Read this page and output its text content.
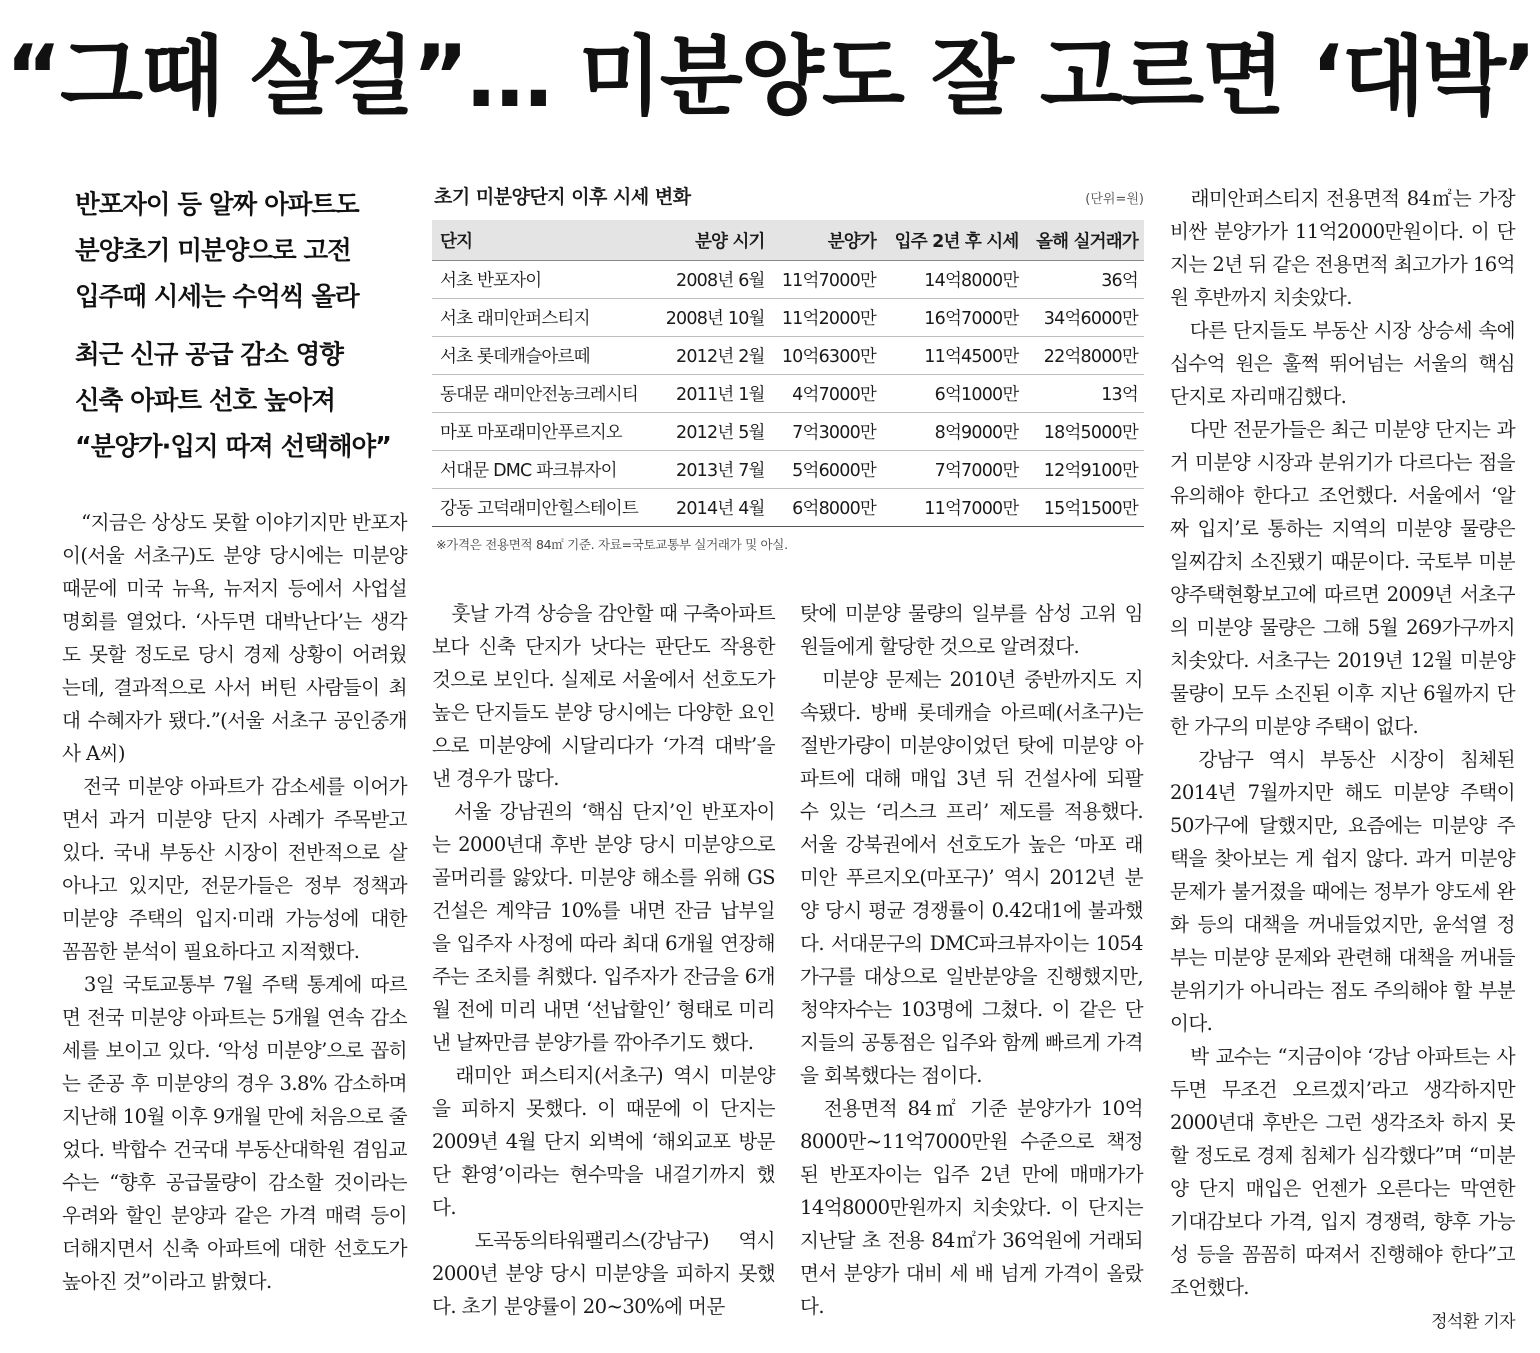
“그때 살걸”… 미분양도 잘 고르면 ‘대박’
반포자이 등 알짜 아파트도
분양초기 미분양으로 고전
입주때 시세는 수억씩 올라
최근 신규 공급 감소 영향
신축 아파트 선호 높아져
“분양가·입지 따져 선택해야”
초기 미분양단지 이후 시세 변화	(단위=원)
단지	분양 시기	분양가	입주 2년 후 시세	올해 실거래가
서초 반포자이	2008년 6월	11억7000만	14억8000만	36억
서초 래미안퍼스티지	2008년 10월	11억2000만	16억7000만	34억6000만
서초 롯데캐슬아르떼	2012년 2월	10억6300만	11억4500만	22억8000만
동대문 래미안전농크레시티	2011년 1월	4억7000만	6억1000만	13억
마포 마포래미안푸르지오	2012년 5월	7억3000만	8억9000만	18억5000만
서대문 DMC 파크뷰자이	2013년 7월	5억6000만	7억7000만	12억9100만
강동 고덕래미안힐스테이트	2014년 4월	6억8000만	11억7000만	15억1500만
※가격은 전용면적 84㎡ 기준. 자료=국토교통부 실거래가 및 아실.

　“지금은 상상도 못할 이야기지만 반포자이(서울 서초구)도 분양 당시에는 미분양 때문에 미국 뉴욕, 뉴저지 등에서 사업설명회를 열었다. ‘사두면 대박난다’는 생각도 못할 정도로 당시 경제 상황이 어려웠는데, 결과적으로 사서 버틴 사람들이 최대 수혜자가 됐다.”(서울 서초구 공인중개사 A씨)

　전국 미분양 아파트가 감소세를 이어가면서 과거 미분양 단지 사례가 주목받고 있다. 국내 부동산 시장이 전반적으로 살아나고 있지만, 전문가들은 정부 정책과 미분양 주택의 입지·미래 가능성에 대한 꼼꼼한 분석이 필요하다고 지적했다.

　3일 국토교통부 7월 주택 통계에 따르면 전국 미분양 아파트는 5개월 연속 감소세를 보이고 있다. ‘악성 미분양’으로 꼽히는 준공 후 미분양의 경우 3.8% 감소하며 지난해 10월 이후 9개월 만에 처음으로 줄었다. 박합수 건국대 부동산대학원 겸임교수는 “향후 공급물량이 감소할 것이라는 우려와 할인 분양과 같은 가격 매력 등이 더해지면서 신축 아파트에 대한 선호도가 높아진 것”이라고 밝혔다.

　훗날 가격 상승을 감안할 때 구축아파트보다 신축 단지가 낫다는 판단도 작용한 것으로 보인다. 실제로 서울에서 선호도가 높은 단지들도 분양 당시에는 다양한 요인으로 미분양에 시달리다가 ‘가격 대박’을 낸 경우가 많다.

　서울 강남권의 ‘핵심 단지’인 반포자이는 2000년대 후반 분양 당시 미분양으로 골머리를 앓았다. 미분양 해소를 위해 GS건설은 계약금 10%를 내면 잔금 납부일을 입주자 사정에 따라 최대 6개월 연장해주는 조치를 취했다. 입주자가 잔금을 6개월 전에 미리 내면 ‘선납할인’ 형태로 미리 낸 날짜만큼 분양가를 깎아주기도 했다.

　래미안 퍼스티지(서초구) 역시 미분양을 피하지 못했다. 이 때문에 이 단지는 2009년 4월 단지 외벽에 ‘해외교포 방문단 환영’이라는 현수막을 내걸기까지 했다.

　도곡동의타워팰리스(강남구) 역시 2000년 분양 당시 미분양을 피하지 못했다. 초기 분양률이 20~30%에 머문

탓에 미분양 물량의 일부를 삼성 고위 임원들에게 할당한 것으로 알려졌다.

　미분양 문제는 2010년 중반까지도 지속됐다. 방배 롯데캐슬 아르떼(서초구)는 절반가량이 미분양이었던 탓에 미분양 아파트에 대해 매입 3년 뒤 건설사에 되팔 수 있는 ‘리스크 프리’ 제도를 적용했다. 서울 강북권에서 선호도가 높은 ‘마포 래미안 푸르지오(마포구)’ 역시 2012년 분양 당시 평균 경쟁률이 0.42대1에 불과했다. 서대문구의 DMC파크뷰자이는 1054가구를 대상으로 일반분양을 진행했지만, 청약자수는 103명에 그쳤다. 이 같은 단지들의 공통점은 입주와 함께 빠르게 가격을 회복했다는 점이다.

　전용면적 84㎡ 기준 분양가가 10억8000만~11억7000만원 수준으로 책정된 반포자이는 입주 2년 만에 매매가가 14억8000만원까지 치솟았다. 이 단지는 지난달 초 전용 84㎡가 36억원에 거래되면서 분양가 대비 세 배 넘게 가격이 올랐다.

　래미안퍼스티지 전용면적 84㎡는 가장 비싼 분양가가 11억2000만원이다. 이 단지는 2년 뒤 같은 전용면적 최고가가 16억원 후반까지 치솟았다.

　다른 단지들도 부동산 시장 상승세 속에 십수억 원은 훌쩍 뛰어넘는 서울의 핵심 단지로 자리매김했다.

　다만 전문가들은 최근 미분양 단지는 과거 미분양 시장과 분위기가 다르다는 점을 유의해야 한다고 조언했다. 서울에서 ‘알짜 입지’로 통하는 지역의 미분양 물량은 일찌감치 소진됐기 때문이다. 국토부 미분양주택현황보고에 따르면 2009년 서초구의 미분양 물량은 그해 5월 269가구까지 치솟았다. 서초구는 2019년 12월 미분양 물량이 모두 소진된 이후 지난 6월까지 단 한 가구의 미분양 주택이 없다.

　강남구 역시 부동산 시장이 침체된 2014년 7월까지만 해도 미분양 주택이 50가구에 달했지만, 요즘에는 미분양 주택을 찾아보는 게 쉽지 않다. 과거 미분양 문제가 불거졌을 때에는 정부가 양도세 완화 등의 대책을 꺼내들었지만, 윤석열 정부는 미분양 문제와 관련해 대책을 꺼내들 분위기가 아니라는 점도 주의해야 할 부분이다.

　박 교수는 “지금이야 ‘강남 아파트는 사두면 무조건 오르겠지’라고 생각하지만 2000년대 후반은 그런 생각조차 하지 못할 정도로 경제 침체가 심각했다”며 “미분양 단지 매입은 언젠가 오른다는 막연한 기대감보다 가격, 입지 경쟁력, 향후 가능성 등을 꼼꼼히 따져서 진행해야 한다”고 조언했다.

정석환 기자
